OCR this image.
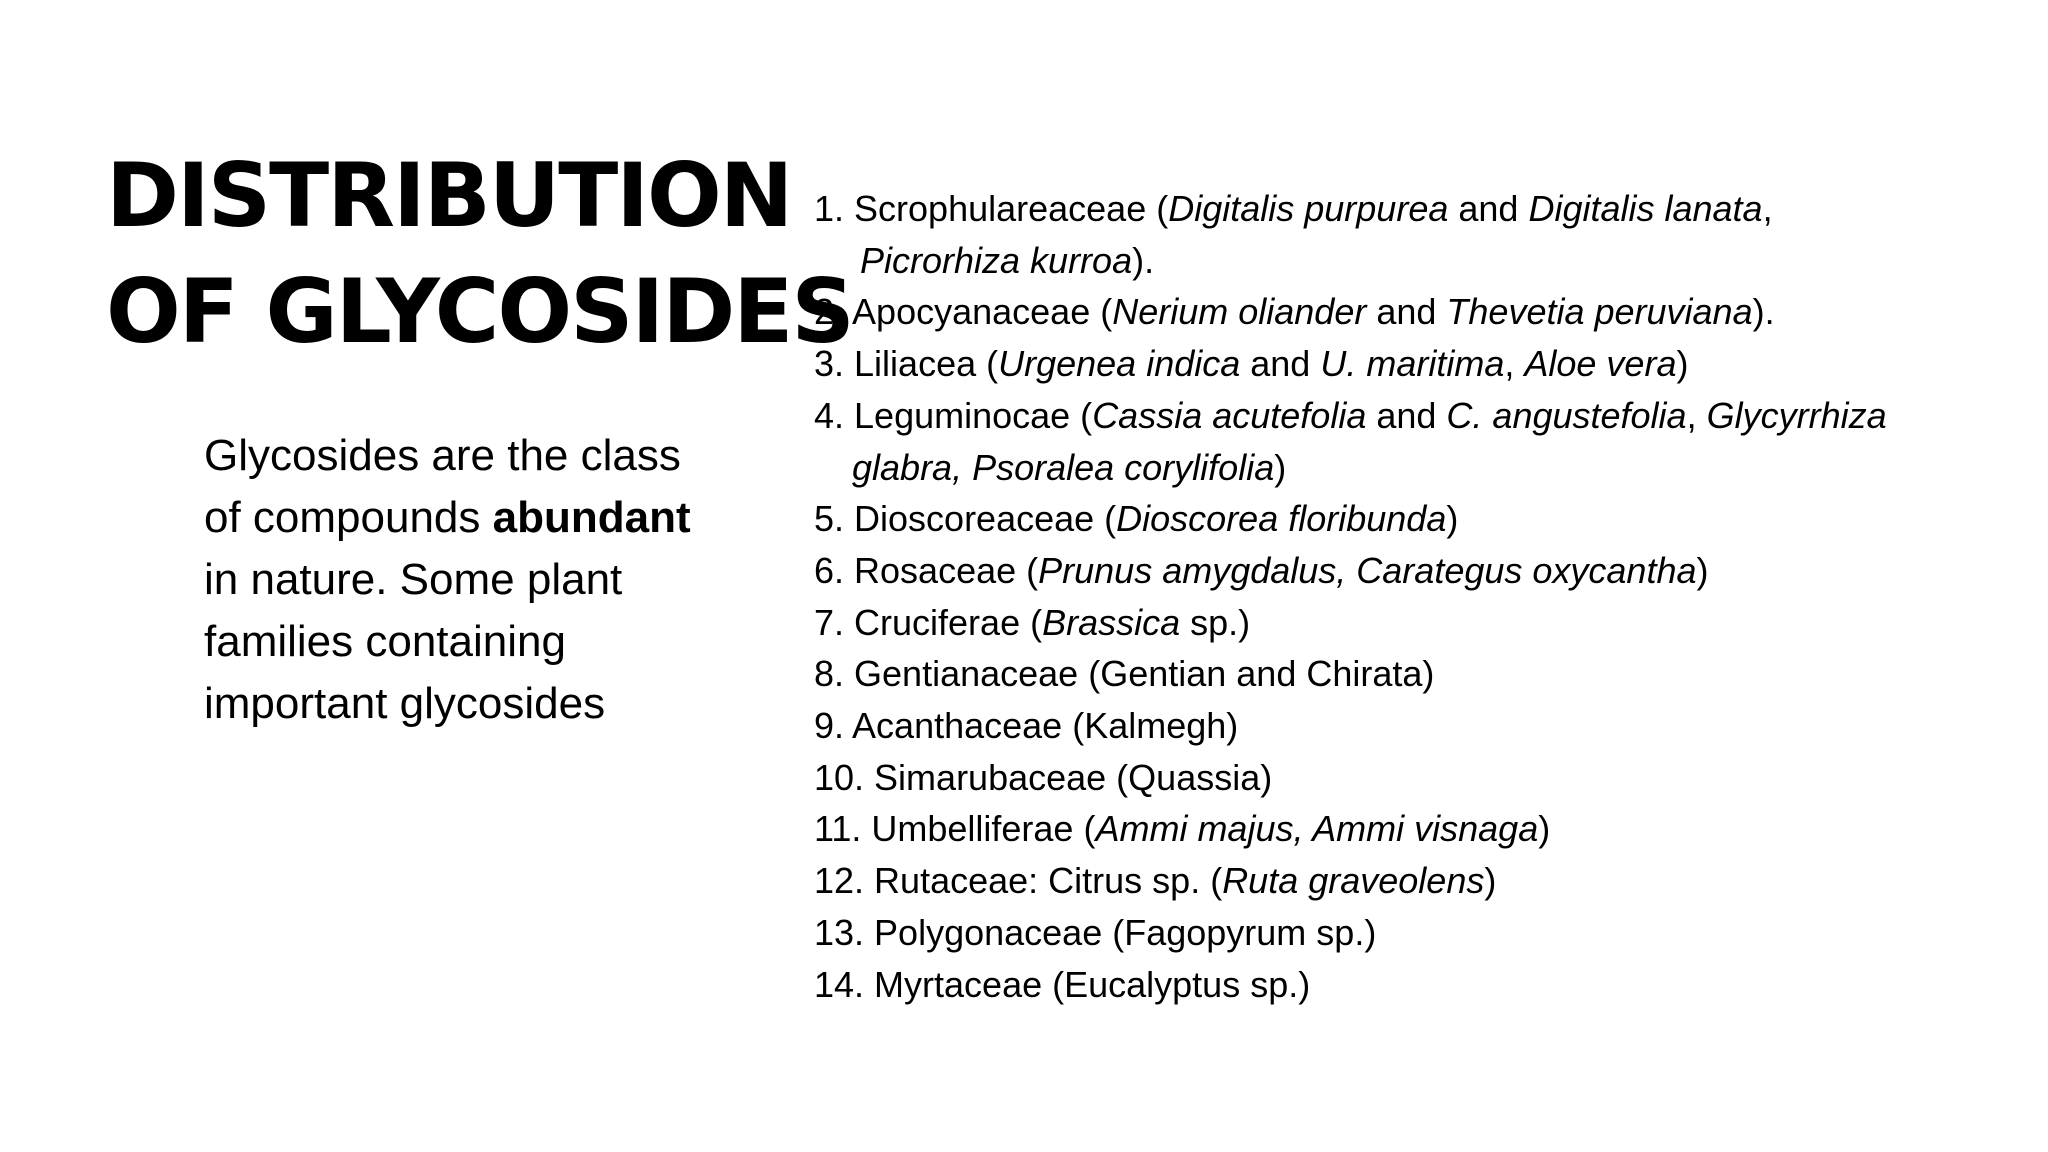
DISTRIBUTION
OF GLYCOSIDES
Glycosides are the class
of compounds abundant
in nature. Some plant
families containing
important glycosides
1. Scrophulareaceae (Digitalis purpurea and Digitalis lanata,
Picrorhiza kurroa).
2. Apocyanaceae (Nerium oliander and Thevetia peruviana).
3. Liliacea (Urgenea indica and U. maritima, Aloe vera)
4. Leguminocae (Cassia acutefolia and C. angustefolia, Glycyrrhiza
glabra, Psoralea corylifolia)
5. Dioscoreaceae (Dioscorea floribunda)
6. Rosaceae (Prunus amygdalus, Carategus oxycantha)
7. Cruciferae (Brassica sp.)
8. Gentianaceae (Gentian and Chirata)
9. Acanthaceae (Kalmegh)
10. Simarubaceae (Quassia)
11. Umbelliferae (Ammi majus, Ammi visnaga)
12. Rutaceae: Citrus sp. (Ruta graveolens)
13. Polygonaceae (Fagopyrum sp.)
14. Myrtaceae (Eucalyptus sp.)
